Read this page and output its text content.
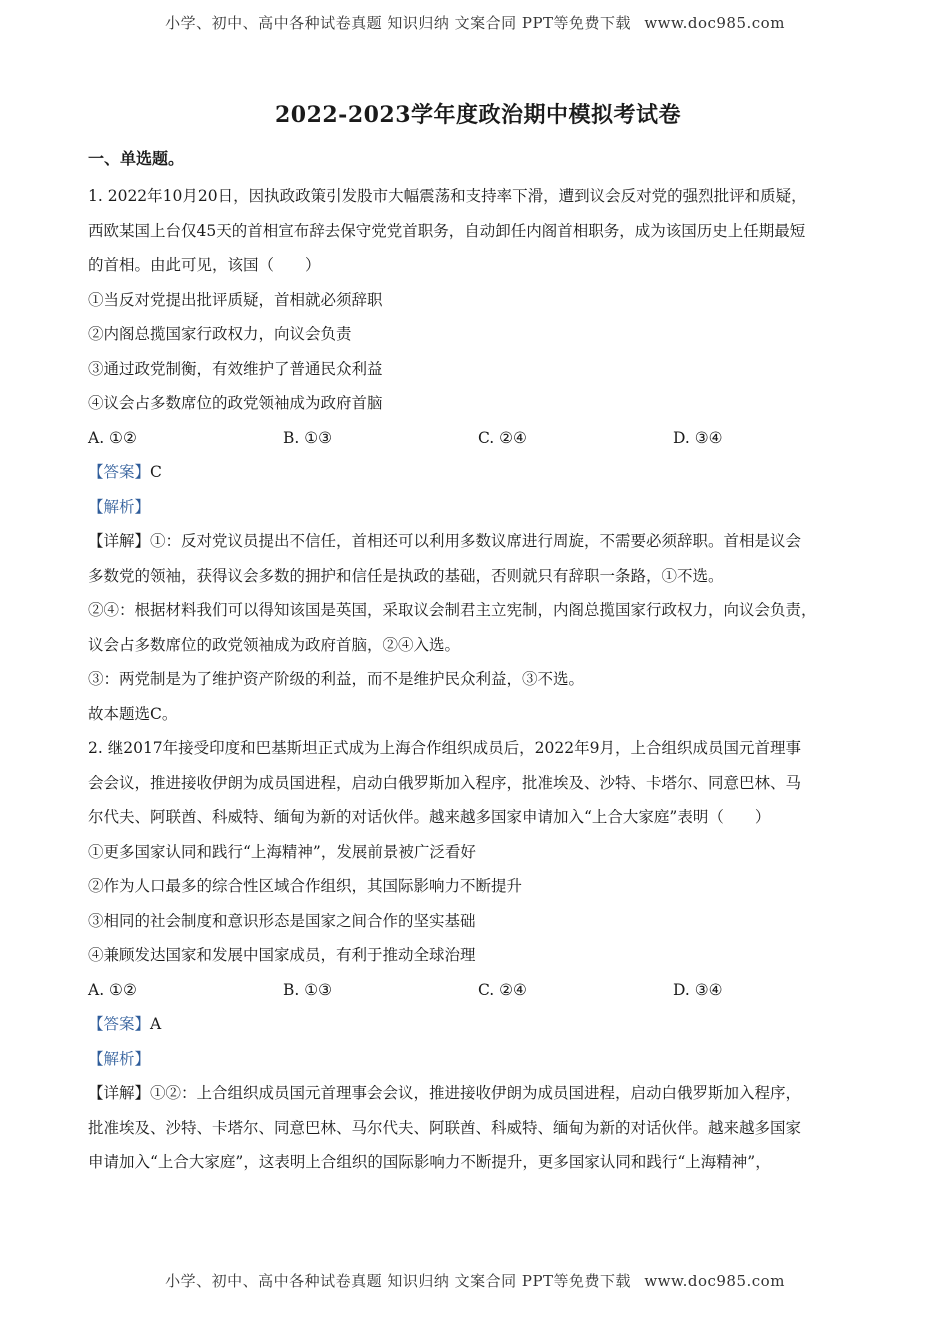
小学、初中、高中各种试卷真题 知识归纳 文案合同 PPT等免费下载 www.doc985.com
2022-2023学年度政治期中模拟考试卷
一、单选题。

1. 2022年10月20日，因执政政策引发股市大幅震荡和支持率下滑，遭到议会反对党的强烈批评和质疑，

西欧某国上台仅45天的首相宣布辞去保守党党首职务，自动卸任内阁首相职务，成为该国历史上任期最短

的首相。由此可见，该国（　　）

①当反对党提出批评质疑，首相就必须辞职

②内阁总揽国家行政权力，向议会负责

③通过政党制衡，有效维护了普通民众利益

④议会占多数席位的政党领袖成为政府首脑

A. ①②	B. ①③	C. ②④	D. ③④

【答案】C

【解析】

【详解】①：反对党议员提出不信任，首相还可以利用多数议席进行周旋，不需要必须辞职。首相是议会

多数党的领袖，获得议会多数的拥护和信任是执政的基础，否则就只有辞职一条路，①不选。

②④：根据材料我们可以得知该国是英国，采取议会制君主立宪制，内阁总揽国家行政权力，向议会负责，

议会占多数席位的政党领袖成为政府首脑，②④入选。

③：两党制是为了维护资产阶级的利益，而不是维护民众利益，③不选。

故本题选C。

2. 继2017年接受印度和巴基斯坦正式成为上海合作组织成员后，2022年9月，上合组织成员国元首理事

会会议，推进接收伊朗为成员国进程，启动白俄罗斯加入程序，批准埃及、沙特、卡塔尔、同意巴林、马

尔代夫、阿联酋、科威特、缅甸为新的对话伙伴。越来越多国家申请加入“上合大家庭”表明（　　）

①更多国家认同和践行“上海精神”，发展前景被广泛看好

②作为人口最多的综合性区域合作组织，其国际影响力不断提升

③相同的社会制度和意识形态是国家之间合作的坚实基础

④兼顾发达国家和发展中国家成员，有利于推动全球治理

A. ①②	B. ①③	C. ②④	D. ③④

【答案】A

【解析】

【详解】①②：上合组织成员国元首理事会会议，推进接收伊朗为成员国进程，启动白俄罗斯加入程序，

批准埃及、沙特、卡塔尔、同意巴林、马尔代夫、阿联酋、科威特、缅甸为新的对话伙伴。越来越多国家

申请加入“上合大家庭”，这表明上合组织的国际影响力不断提升，更多国家认同和践行“上海精神”，

小学、初中、高中各种试卷真题 知识归纳 文案合同 PPT等免费下载 www.doc985.com
